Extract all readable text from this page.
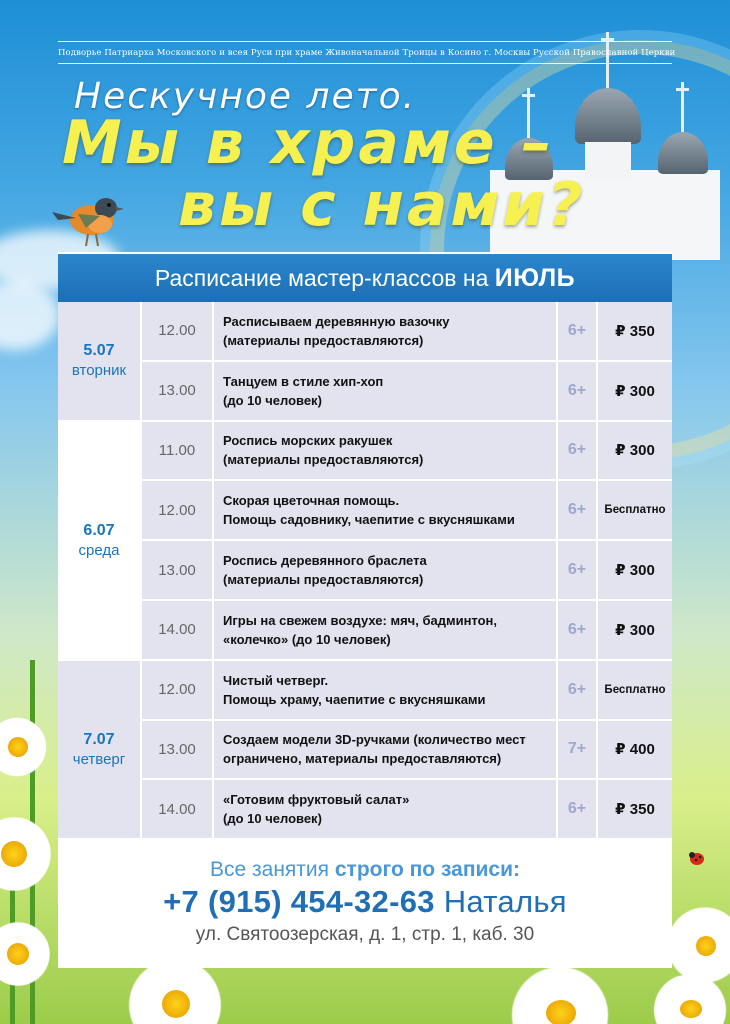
Подворье Патриарха Московского и всея Руси при храме Живоначальной Троицы в Косино г. Москвы Русской Православной Церкви
Нескучное лето.
Мы в храме –
вы с нами?
Расписание мастер-классов на ИЮЛЬ
5.07
вторник
12.00
Расписываем деревянную вазочку
(материалы предоставляются)
6+	₽ 350
13.00
Танцуем в стиле хип-хоп
(до 10 человек)
6+	₽ 300
6.07
среда
11.00
Роспись морских ракушек
(материалы предоставляются)
6+	₽ 300
12.00
Скорая цветочная помощь.
Помощь садовнику, чаепитие с вкусняшками
6+	Бесплатно
13.00
Роспись деревянного браслета
(материалы предоставляются)
6+	₽ 300
14.00
Игры на свежем воздухе: мяч, бадминтон,
«колечко» (до 10 человек)
6+	₽ 300
7.07
четверг
12.00
Чистый четверг.
Помощь храму, чаепитие с вкусняшками
6+	Бесплатно
13.00
Создаем модели 3D-ручками (количество мест
ограничено, материалы предоставляются)
7+	₽ 400
14.00
«Готовим фруктовый салат»
(до 10 человек)
6+	₽ 350
Все занятия строго по записи:
+7 (915) 454-32-63 Наталья
ул. Святоозерская, д. 1, стр. 1, каб. 30
